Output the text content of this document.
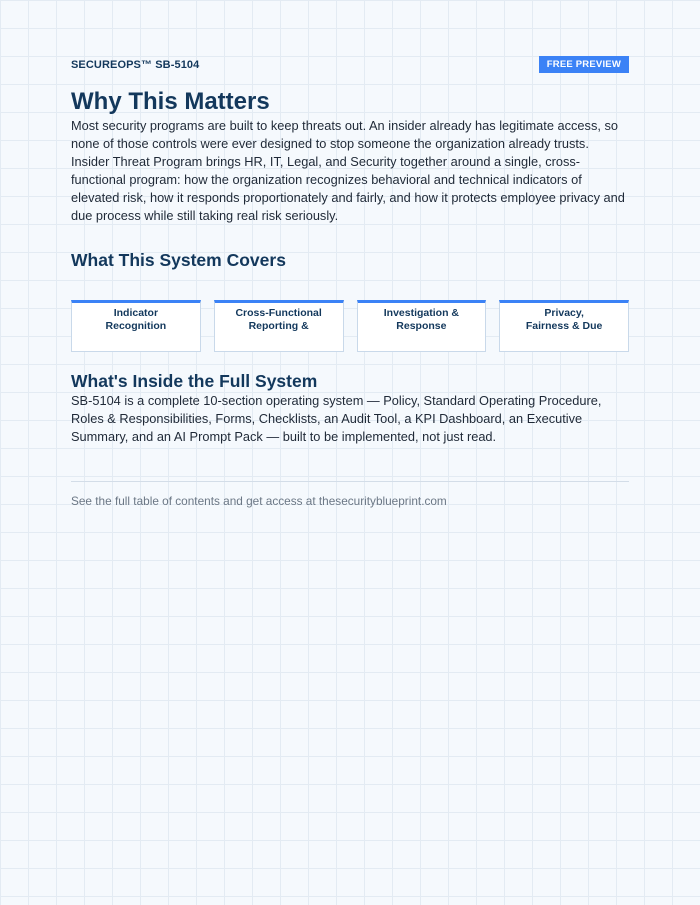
SECUREOPS™ SB-5104	FREE PREVIEW
Why This Matters

Most security programs are built to keep threats out. An insider already has legitimate access, so none of those controls were ever designed to stop someone the organization already trusts.

Insider Threat Program brings HR, IT, Legal, and Security together around a single, cross-functional program: how the organization recognizes behavioral and technical indicators of elevated risk, how it responds proportionately and fairly, and how it protects employee privacy and due process while still taking real risk seriously.

What This System Covers
Indicator
Recognition
Cross-Functional
Reporting &
Investigation &
Response
Privacy,
Fairness & Due
What's Inside the Full System

SB-5104 is a complete 10-section operating system — Policy, Standard Operating Procedure, Roles & Responsibilities, Forms, Checklists, an Audit Tool, a KPI Dashboard, an Executive Summary, and an AI Prompt Pack — built to be implemented, not just read.

See the full table of contents and get access at thesecurityblueprint.com
